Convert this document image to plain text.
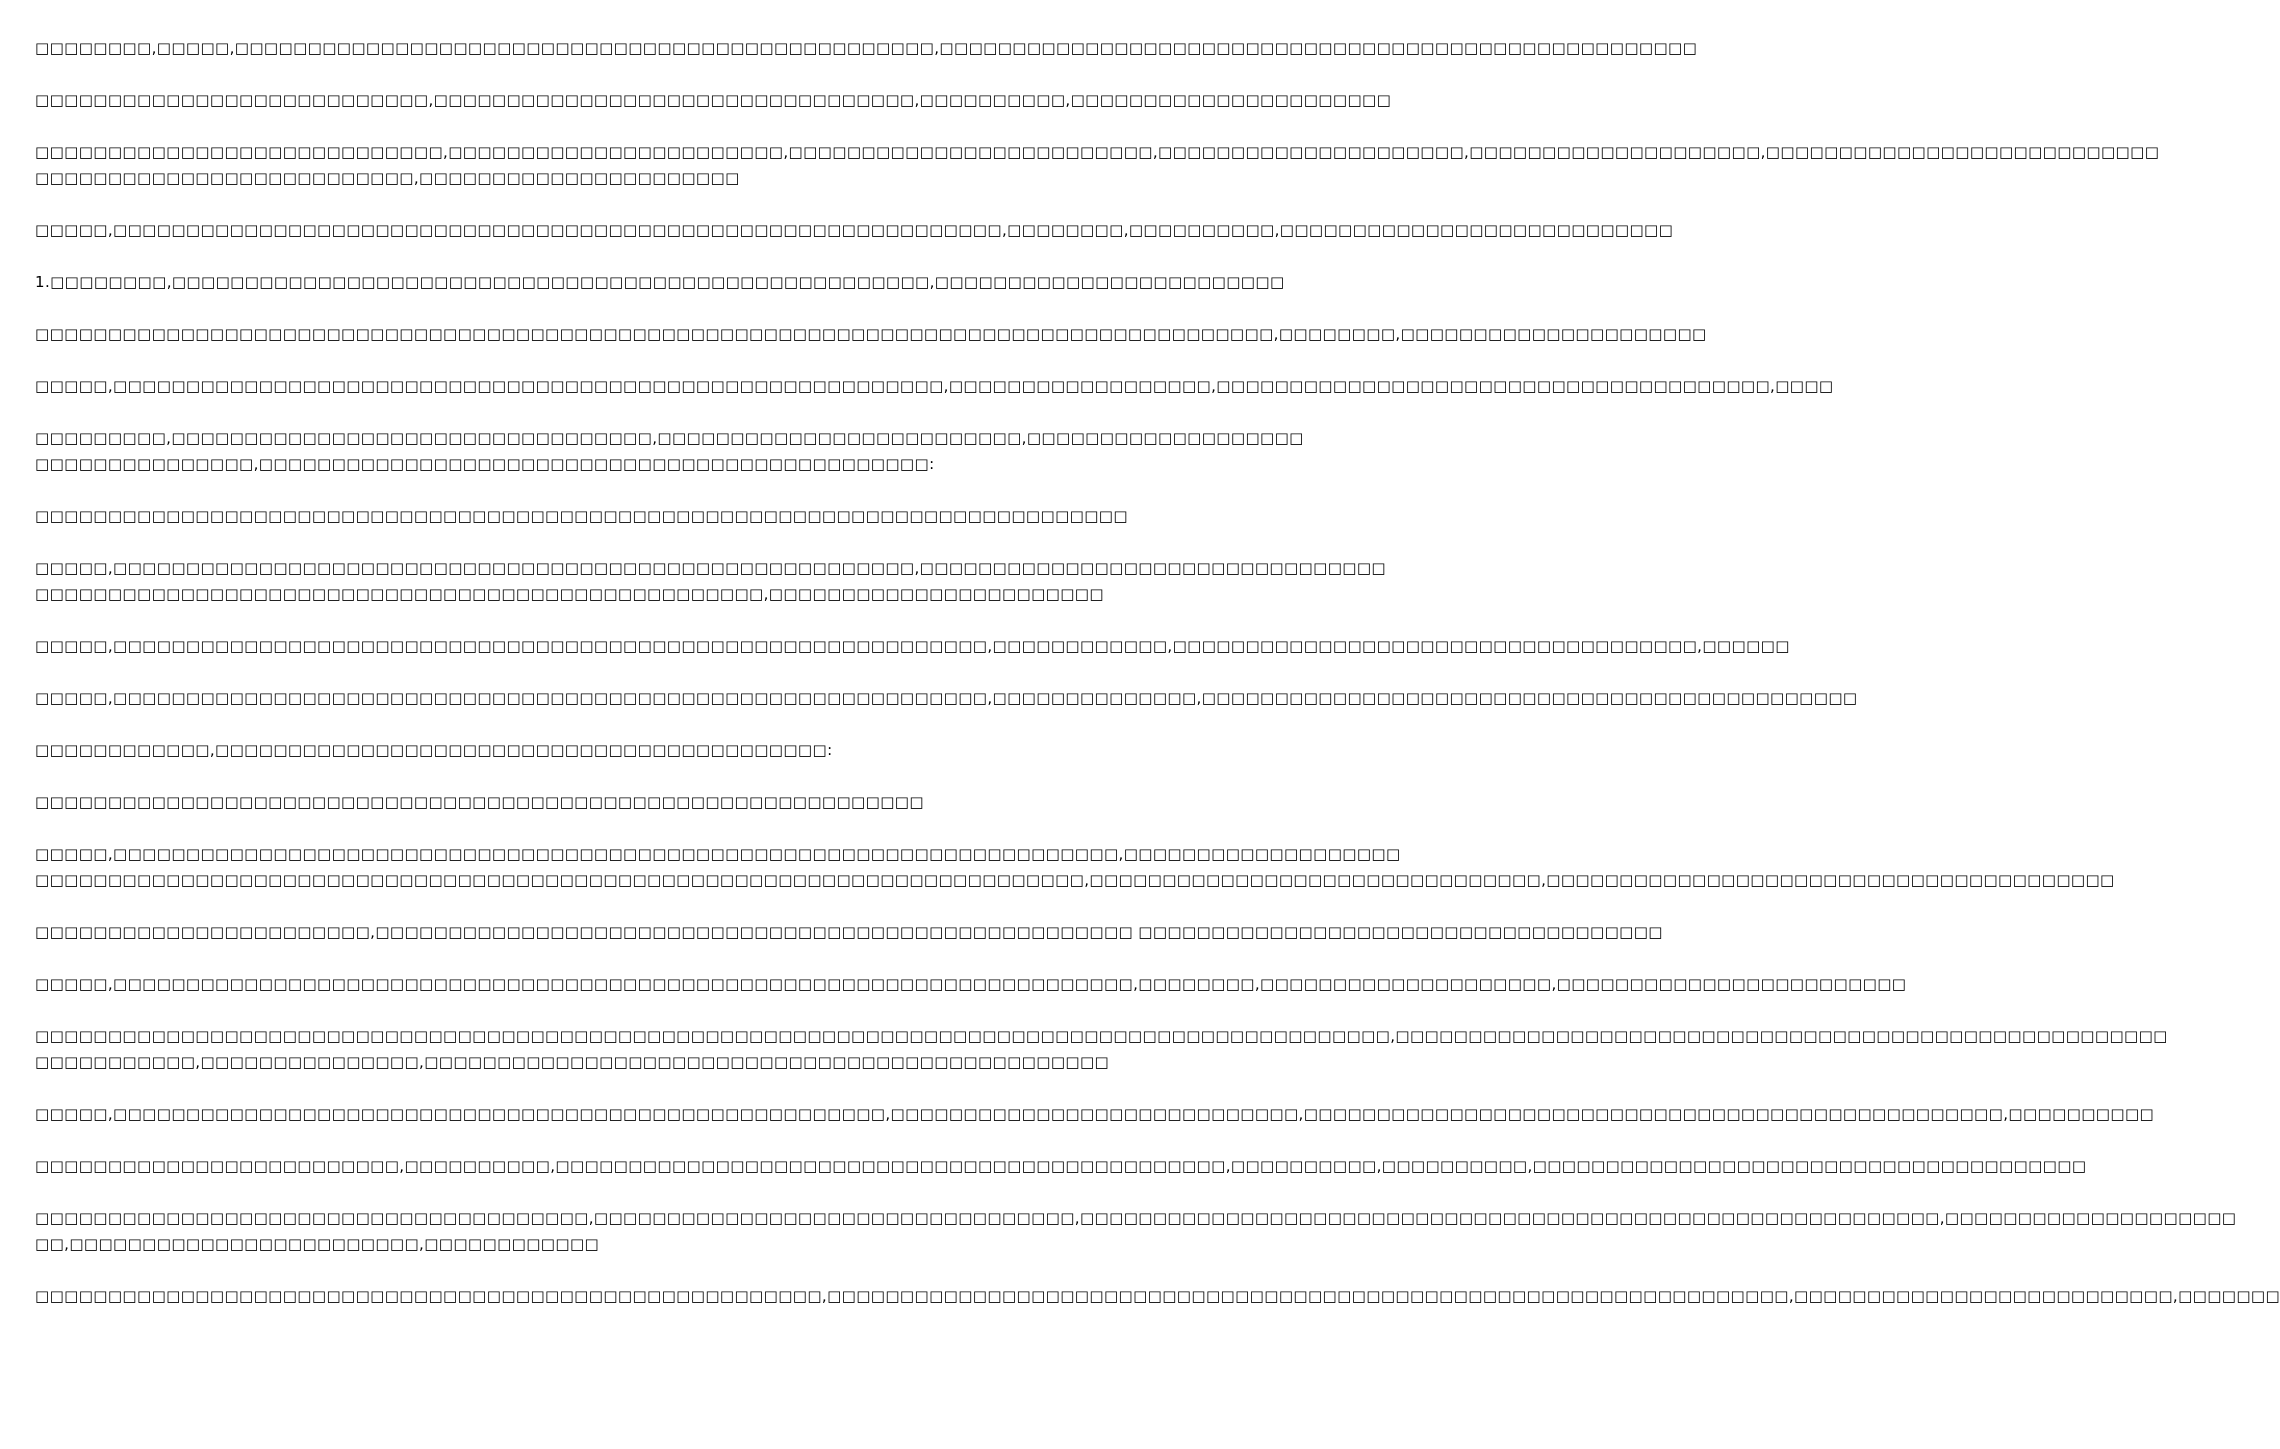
□□□□□□□□,□□□□□,□□□□□□□□□□□□□□□□□□□□□□□□□□□□□□□□□□□□□□□□□□□□□□□□,□□□□□□□□□□□□□□□□□□□□□□□□□□□□□□□□□□□□□□□□□□□□□□□□□□□□

□□□□□□□□□□□□□□□□□□□□□□□□□□□,□□□□□□□□□□□□□□□□□□□□□□□□□□□□□□□□□,□□□□□□□□□□,□□□□□□□□□□□□□□□□□□□□□□

□□□□□□□□□□□□□□□□□□□□□□□□□□□□,□□□□□□□□□□□□□□□□□□□□□□□,□□□□□□□□□□□□□□□□□□□□□□□□□,□□□□□□□□□□□□□□□□□□□□□,□□□□□□□□□□□□□□□□□□□□,□□□□□□□□□□□□□□□□□□□□□□□□□□□
□□□□□□□□□□□□□□□□□□□□□□□□□□,□□□□□□□□□□□□□□□□□□□□□□

□□□□□,□□□□□□□□□□□□□□□□□□□□□□□□□□□□□□□□□□□□□□□□□□□□□□□□□□□□□□□□□□□□□,□□□□□□□□,□□□□□□□□□□,□□□□□□□□□□□□□□□□□□□□□□□□□□□

1.□□□□□□□□,□□□□□□□□□□□□□□□□□□□□□□□□□□□□□□□□□□□□□□□□□□□□□□□□□□□□,□□□□□□□□□□□□□□□□□□□□□□□□

□□□□□□□□□□□□□□□□□□□□□□□□□□□□□□□□□□□□□□□□□□□□□□□□□□□□□□□□□□□□□□□□□□□□□□□□□□□□□□□□□□□□□,□□□□□□□□,□□□□□□□□□□□□□□□□□□□□□

□□□□□,□□□□□□□□□□□□□□□□□□□□□□□□□□□□□□□□□□□□□□□□□□□□□□□□□□□□□□□□□,□□□□□□□□□□□□□□□□□□,□□□□□□□□□□□□□□□□□□□□□□□□□□□□□□□□□□□□□□,□□□□

□□□□□□□□□,□□□□□□□□□□□□□□□□□□□□□□□□□□□□□□□□□,□□□□□□□□□□□□□□□□□□□□□□□□□,□□□□□□□□□□□□□□□□□□□
□□□□□□□□□□□□□□□,□□□□□□□□□□□□□□□□□□□□□□□□□□□□□□□□□□□□□□□□□□□□□□:

□□□□□□□□□□□□□□□□□□□□□□□□□□□□□□□□□□□□□□□□□□□□□□□□□□□□□□□□□□□□□□□□□□□□□□□□□□□

□□□□□,□□□□□□□□□□□□□□□□□□□□□□□□□□□□□□□□□□□□□□□□□□□□□□□□□□□□□□□,□□□□□□□□□□□□□□□□□□□□□□□□□□□□□□□□
□□□□□□□□□□□□□□□□□□□□□□□□□□□□□□□□□□□□□□□□□□□□□□□□□□,□□□□□□□□□□□□□□□□□□□□□□□

□□□□□,□□□□□□□□□□□□□□□□□□□□□□□□□□□□□□□□□□□□□□□□□□□□□□□□□□□□□□□□□□□□,□□□□□□□□□□□□,□□□□□□□□□□□□□□□□□□□□□□□□□□□□□□□□□□□□,□□□□□□

□□□□□,□□□□□□□□□□□□□□□□□□□□□□□□□□□□□□□□□□□□□□□□□□□□□□□□□□□□□□□□□□□□,□□□□□□□□□□□□□□,□□□□□□□□□□□□□□□□□□□□□□□□□□□□□□□□□□□□□□□□□□□□□

□□□□□□□□□□□□,□□□□□□□□□□□□□□□□□□□□□□□□□□□□□□□□□□□□□□□□□□:

□□□□□□□□□□□□□□□□□□□□□□□□□□□□□□□□□□□□□□□□□□□□□□□□□□□□□□□□□□□□□

□□□□□,□□□□□□□□□□□□□□□□□□□□□□□□□□□□□□□□□□□□□□□□□□□□□□□□□□□□□□□□□□□□□□□□□□□□□,□□□□□□□□□□□□□□□□□□□
□□□□□□□□□□□□□□□□□□□□□□□□□□□□□□□□□□□□□□□□□□□□□□□□□□□□□□□□□□□□□□□□□□□□□□□□,□□□□□□□□□□□□□□□□□□□□□□□□□□□□□□□,□□□□□□□□□□□□□□□□□□□□□□□□□□□□□□□□□□□□□□□

□□□□□□□□□□□□□□□□□□□□□□□,□□□□□□□□□□□□□□□□□□□□□□□□□□□□□□□□□□□□□□□□□□□□□□□□□□□□ □□□□□□□□□□□□□□□□□□□□□□□□□□□□□□□□□□□□

□□□□□,□□□□□□□□□□□□□□□□□□□□□□□□□□□□□□□□□□□□□□□□□□□□□□□□□□□□□□□□□□□□□□□□□□□□□□,□□□□□□□□,□□□□□□□□□□□□□□□□□□□□,□□□□□□□□□□□□□□□□□□□□□□□□

□□□□□□□□□□□□□□□□□□□□□□□□□□□□□□□□□□□□□□□□□□□□□□□□□□□□□□□□□□□□□□□□□□□□□□□□□□□□□□□□□□□□□□□□□□□□□,□□□□□□□□□□□□□□□□□□□□□□□□□□□□□□□□□□□□□□□□□□□□□□□□□□□□□
□□□□□□□□□□□,□□□□□□□□□□□□□□□,□□□□□□□□□□□□□□□□□□□□□□□□□□□□□□□□□□□□□□□□□□□□□□□

□□□□□,□□□□□□□□□□□□□□□□□□□□□□□□□□□□□□□□□□□□□□□□□□□□□□□□□□□□□,□□□□□□□□□□□□□□□□□□□□□□□□□□□□,□□□□□□□□□□□□□□□□□□□□□□□□□□□□□□□□□□□□□□□□□□□□□□□□,□□□□□□□□□□

□□□□□□□□□□□□□□□□□□□□□□□□□,□□□□□□□□□□,□□□□□□□□□□□□□□□□□□□□□□□□□□□□□□□□□□□□□□□□□□□□□□,□□□□□□□□□□,□□□□□□□□□□,□□□□□□□□□□□□□□□□□□□□□□□□□□□□□□□□□□□□□□

□□□□□□□□□□□□□□□□□□□□□□□□□□□□□□□□□□□□□□,□□□□□□□□□□□□□□□□□□□□□□□□□□□□□□□□□,□□□□□□□□□□□□□□□□□□□□□□□□□□□□□□□□□□□□□□□□□□□□□□□□□□□□□□□□□□□,□□□□□□□□□□□□□□□□□□□□
□□,□□□□□□□□□□□□□□□□□□□□□□□□,□□□□□□□□□□□□

□□□□□□□□□□□□□□□□□□□□□□□□□□□□□□□□□□□□□□□□□□□□□□□□□□□□□□,□□□□□□□□□□□□□□□□□□□□□□□□□□□□□□□□□□□□□□□□□□□□□□□□□□□□□□□□□□□□□□□□□□,□□□□□□□□□□□□□□□□□□□□□□□□□□,□□□□□□□
